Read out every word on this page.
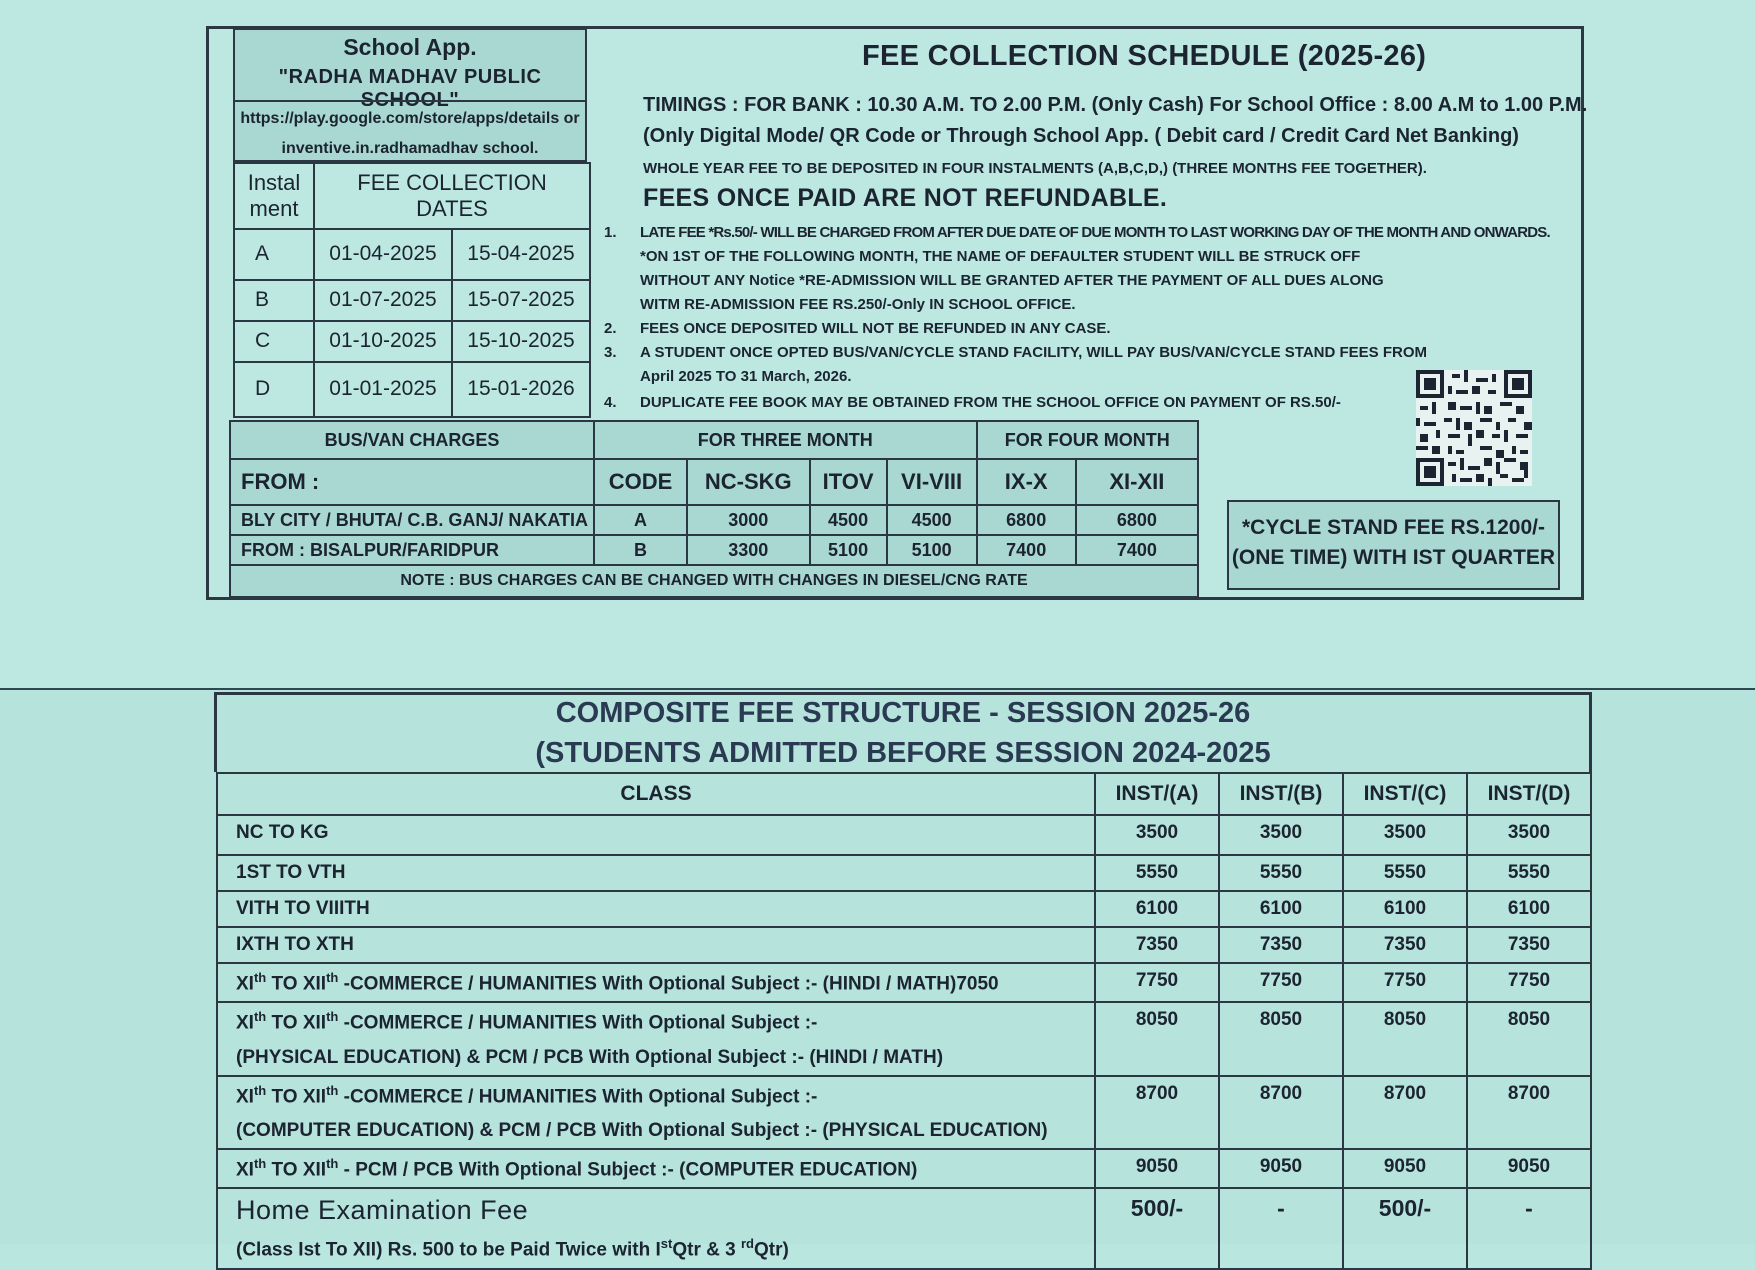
School App.
"RADHA MADHAV PUBLIC SCHOOL"
https://play.google.com/store/apps/details or
inventive.in.radhamadhav school.
Instal ment	FEE COLLECTION DATES	
A	01-04-2025	15-04-2025
B	01-07-2025	15-07-2025
C	01-10-2025	15-10-2025
D	01-01-2025	15-01-2026
FEE COLLECTION SCHEDULE (2025-26)
TIMINGS : FOR BANK : 10.30 A.M. TO 2.00 P.M. (Only Cash) For School Office : 8.00 A.M to 1.00 P.M.
(Only Digital Mode/ QR Code or Through School App. ( Debit card / Credit Card Net Banking)
WHOLE YEAR FEE TO BE DEPOSITED IN FOUR INSTALMENTS (A,B,C,D,) (THREE MONTHS FEE TOGETHER).
FEES ONCE PAID ARE NOT REFUNDABLE.
1.	LATE FEE *Rs.50/- WILL BE CHARGED FROM AFTER DUE DATE OF DUE MONTH TO LAST WORKING DAY OF THE MONTH AND ONWARDS.
*ON 1ST OF THE FOLLOWING MONTH, THE NAME OF DEFAULTER STUDENT WILL BE STRUCK OFF
WITHOUT ANY Notice *RE-ADMISSION WILL BE GRANTED AFTER THE PAYMENT OF ALL DUES ALONG
WITM RE-ADMISSION FEE RS.250/-Only IN SCHOOL OFFICE.
2.	FEES ONCE DEPOSITED WILL NOT BE REFUNDED IN ANY CASE.
3.	A STUDENT ONCE OPTED BUS/VAN/CYCLE STAND FACILITY, WILL PAY BUS/VAN/CYCLE STAND FEES FROM
April 2025 TO 31 March, 2026.
4.	DUPLICATE FEE BOOK MAY BE OBTAINED FROM THE SCHOOL OFFICE ON PAYMENT OF RS.50/-
BUS/VAN CHARGES	FOR THREE MONTH				FOR FOUR MONTH	
FROM :	CODE	NC-SKG	ITOV	VI-VIII	IX-X	XI-XII
BLY CITY / BHUTA/ C.B. GANJ/ NAKATIA	A	3000	4500	4500	6800	6800
FROM : BISALPUR/FARIDPUR	B	3300	5100	5100	7400	7400
NOTE : BUS CHARGES CAN BE CHANGED WITH CHANGES IN DIESEL/CNG RATE						
*CYCLE STAND FEE RS.1200/-
(ONE TIME) WITH IST QUARTER
COMPOSITE FEE STRUCTURE - SESSION 2025-26
(STUDENTS ADMITTED BEFORE SESSION 2024-2025
CLASS	INST/(A)	INST/(B)	INST/(C)	INST/(D)
NC TO KG	3500	3500	3500	3500
1ST TO VTH	5550	5550	5550	5550
VITH TO VIIITH	6100	6100	6100	6100
IXTH TO XTH	7350	7350	7350	7350
XIth TO XIIth -COMMERCE / HUMANITIES With Optional Subject :- (HINDI / MATH)7050	7750	7750	7750	7750
XIth TO XIIth -COMMERCE / HUMANITIES With Optional Subject :-
(PHYSICAL EDUCATION) & PCM / PCB With Optional Subject :- (HINDI / MATH)	8050	8050	8050	8050
XIth TO XIIth -COMMERCE / HUMANITIES With Optional Subject :-
(COMPUTER EDUCATION) & PCM / PCB With Optional Subject :- (PHYSICAL EDUCATION)	8700	8700	8700	8700
XIth TO XIIth - PCM / PCB With Optional Subject :- (COMPUTER EDUCATION)	9050	9050	9050	9050
Home Examination Fee
(Class Ist To XII) Rs. 500 to be Paid Twice with IstQtr & 3 $^{rd}$Qtr)	500/-	-	500/-	-
